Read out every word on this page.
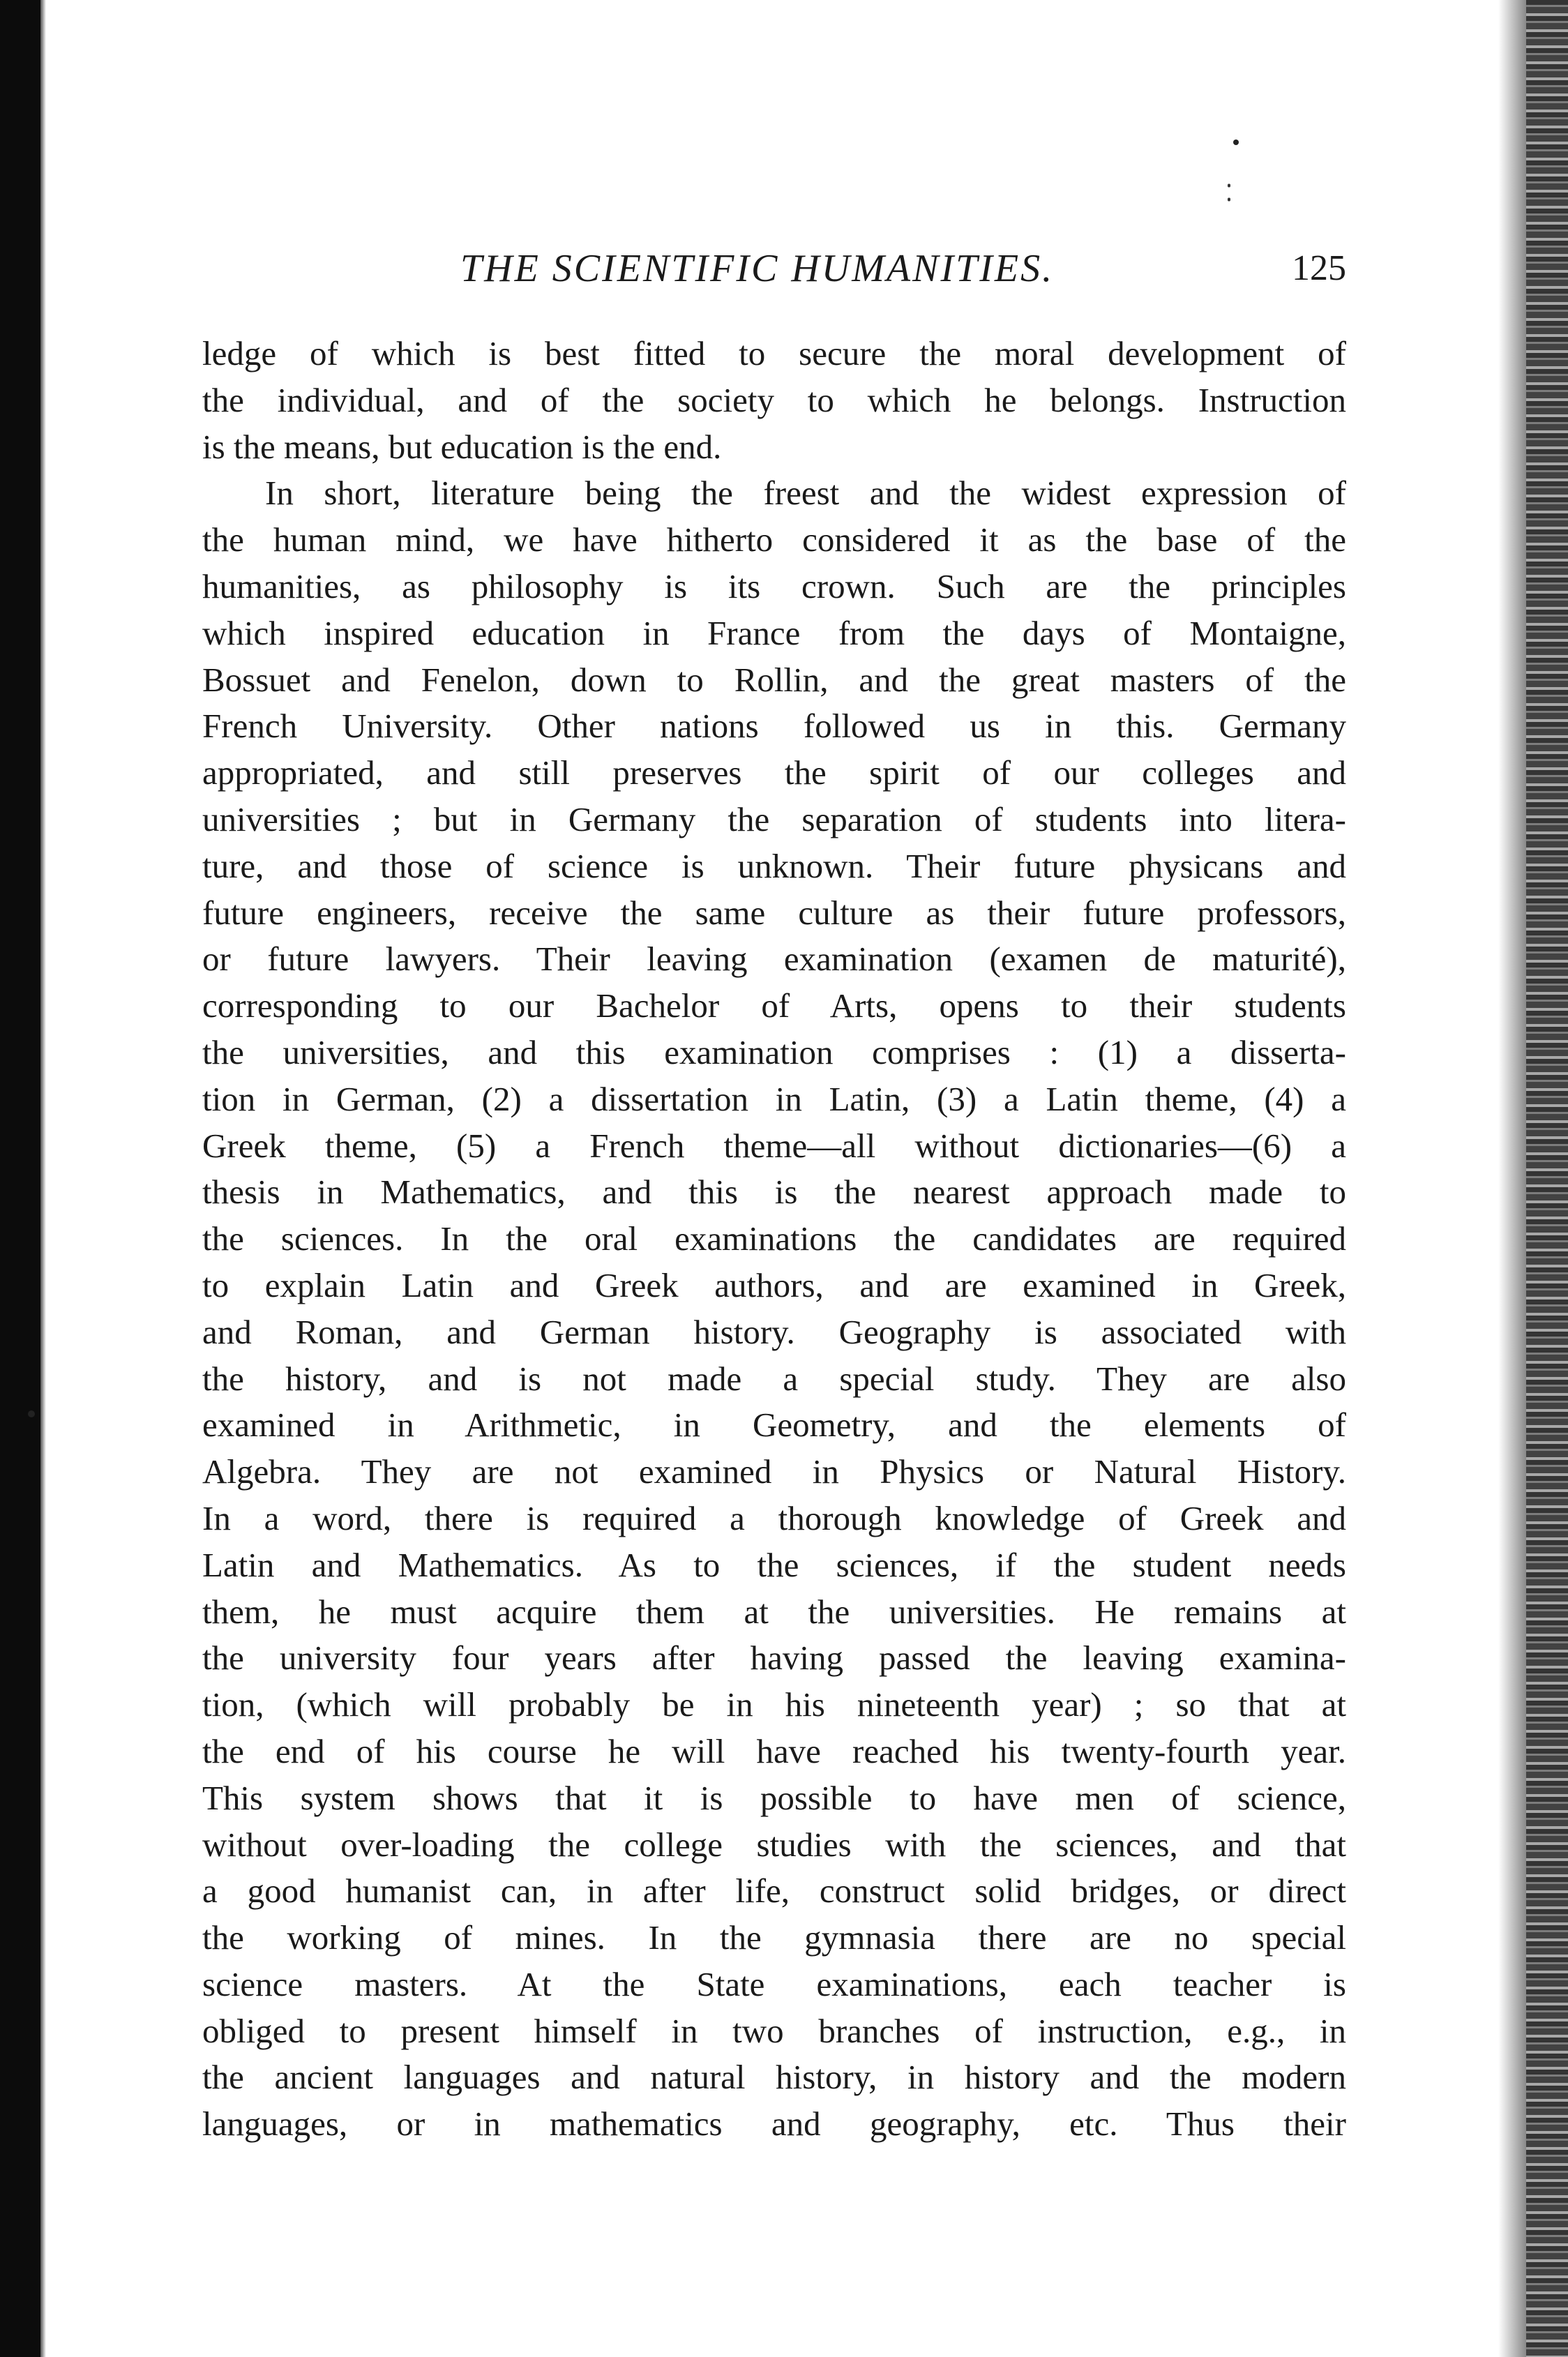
THE SCIENTIFIC HUMANITIES.	125
ledge of which is best fitted to secure the moral development of
the individual, and of the society to which he belongs. Instruction
is the means, but education is the end.
In short, literature being the freest and the widest expression of
the human mind, we have hitherto considered it as the base of the
humanities, as philosophy is its crown. Such are the principles
which inspired education in France from the days of Montaigne,
Bossuet and Fenelon, down to Rollin, and the great masters of the
French University. Other nations followed us in this. Germany
appropriated, and still preserves the spirit of our colleges and
universities ; but in Germany the separation of students into litera-
ture, and those of science is unknown. Their future physicans and
future engineers, receive the same culture as their future professors,
or future lawyers. Their leaving examination (examen de maturité),
corresponding to our Bachelor of Arts, opens to their students
the universities, and this examination comprises : (1) a disserta-
tion in German, (2) a dissertation in Latin, (3) a Latin theme, (4) a
Greek theme, (5) a French theme—all without dictionaries—(6) a
thesis in Mathematics, and this is the nearest approach made to
the sciences. In the oral examinations the candidates are required
to explain Latin and Greek authors, and are examined in Greek,
and Roman, and German history. Geography is associated with
the history, and is not made a special study. They are also
examined in Arithmetic, in Geometry, and the elements of
Algebra. They are not examined in Physics or Natural History.
In a word, there is required a thorough knowledge of Greek and
Latin and Mathematics. As to the sciences, if the student needs
them, he must acquire them at the universities. He remains at
the university four years after having passed the leaving examina-
tion, (which will probably be in his nineteenth year) ; so that at
the end of his course he will have reached his twenty-fourth year.
This system shows that it is possible to have men of science,
without over-loading the college studies with the sciences, and that
a good humanist can, in after life, construct solid bridges, or direct
the working of mines. In the gymnasia there are no special
science masters. At the State examinations, each teacher is
obliged to present himself in two branches of instruction, e.g., in
the ancient languages and natural history, in history and the modern
languages, or in mathematics and geography, etc. Thus their
